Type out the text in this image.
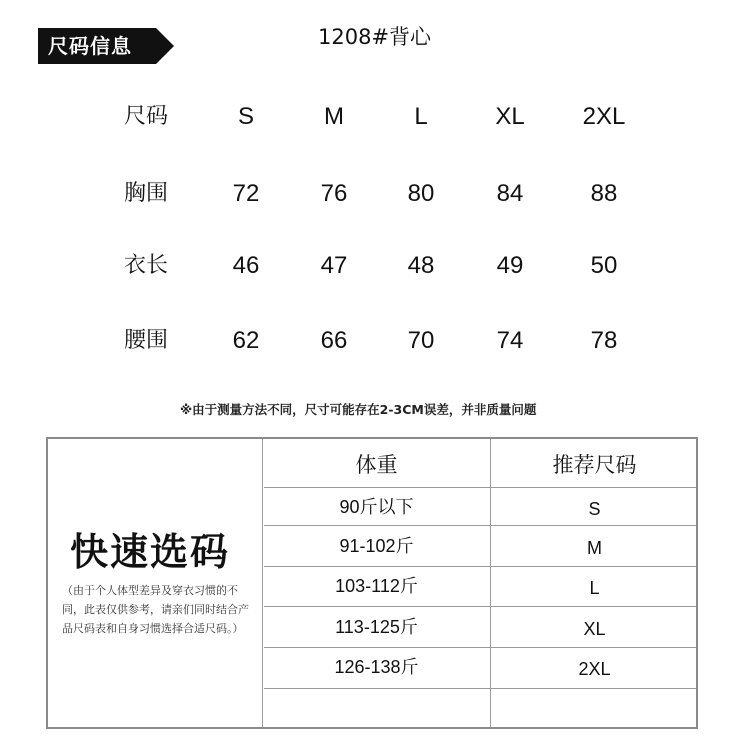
尺码信息	1208#背心
尺码	S	M	L	XL	2XL
胸围	72	76	80	84	88
衣长	46	47	48	49	50
腰围	62	66	70	74	78
※由于测量方法不同，尺寸可能存在2-3CM误差，并非质量问题
快速选码
（由于个人体型差异及穿衣习惯的不同，此表仅供参考，请亲们同时结合产品尺码表和自身习惯选择合适尺码。）
体重	推荐尺码
90斤以下	S
91-102斤	M
103-112斤	L
113-125斤	XL
126-138斤	2XL
